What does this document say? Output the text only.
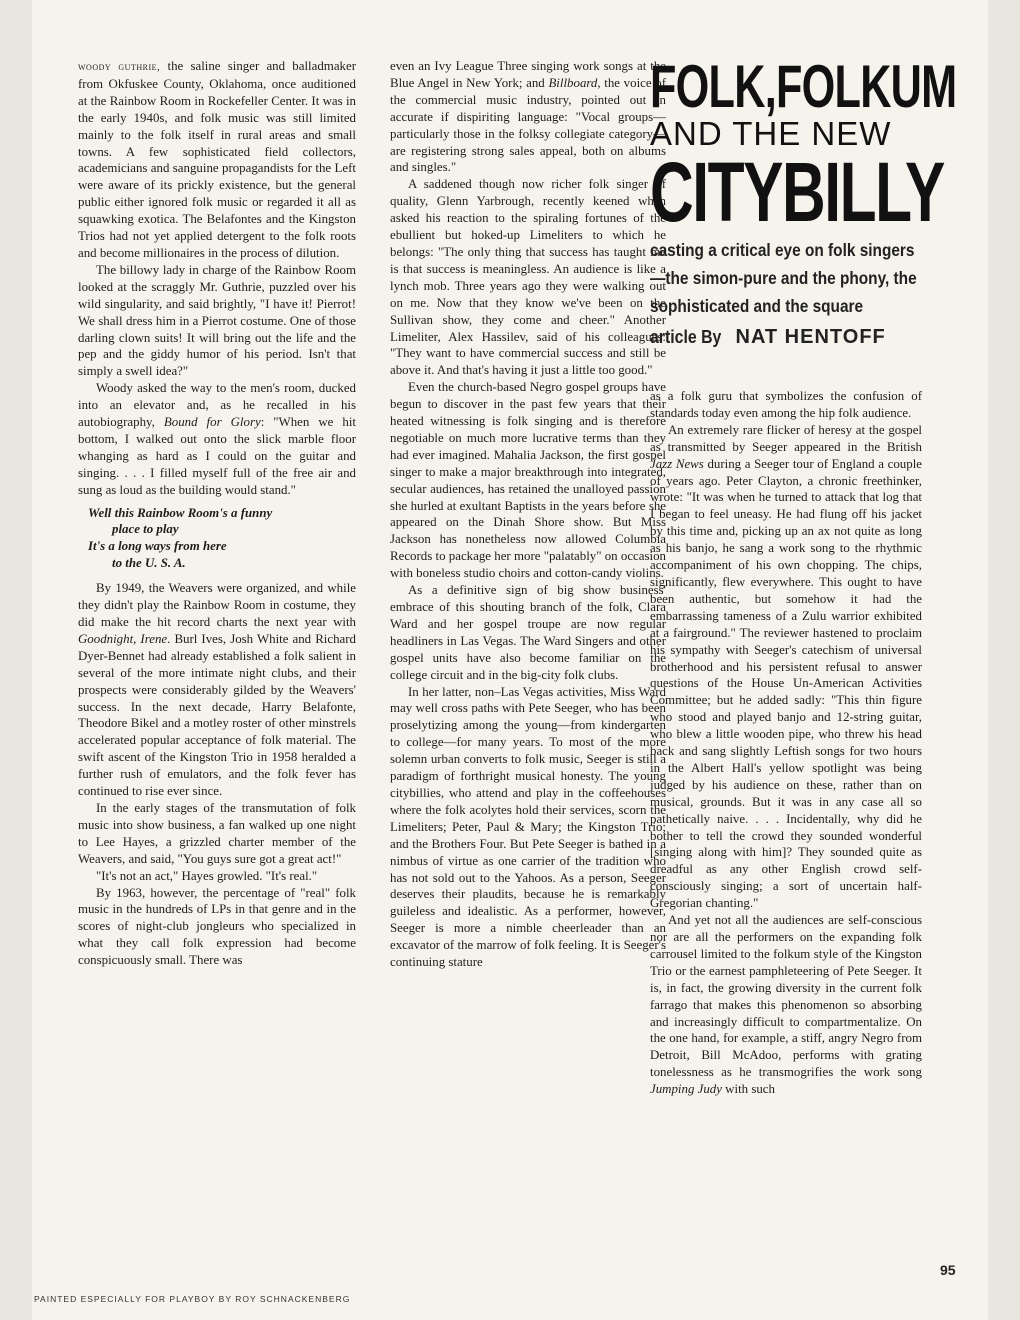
woody guthrie, the saline singer and balladmaker from Okfuskee County, Oklahoma, once auditioned at the Rainbow Room in Rockefeller Center. It was in the early 1940s, and folk music was still limited mainly to the folk itself in rural areas and small towns. A few sophisticated field collectors, academicians and sanguine propagandists for the Left were aware of its prickly existence, but the general public either ignored folk music or regarded it all as squawking exotica. The Belafontes and the Kingston Trios had not yet applied detergent to the folk roots and become millionaires in the process of dilution.

The billowy lady in charge of the Rainbow Room looked at the scraggly Mr. Guthrie, puzzled over his wild singularity, and said brightly, "I have it! Pierrot! We shall dress him in a Pierrot costume. One of those darling clown suits! It will bring out the life and the pep and the giddy humor of his period. Isn't that simply a swell idea?"

Woody asked the way to the men's room, ducked into an elevator and, as he recalled in his autobiography, Bound for Glory: "When we hit bottom, I walked out onto the slick marble floor whanging as hard as I could on the guitar and singing. . . . I filled myself full of the free air and sung as loud as the building would stand."

Well this Rainbow Room's a funny
place to play
It's a long ways from here
to the U. S. A.

By 1949, the Weavers were organized, and while they didn't play the Rainbow Room in costume, they did make the hit record charts the next year with Goodnight, Irene. Burl Ives, Josh White and Richard Dyer-Bennet had already established a folk salient in several of the more intimate night clubs, and their prospects were considerably gilded by the Weavers' success. In the next decade, Harry Belafonte, Theodore Bikel and a motley roster of other minstrels accelerated popular acceptance of folk material. The swift ascent of the Kingston Trio in 1958 heralded a further rush of emulators, and the folk fever has continued to rise ever since.

In the early stages of the transmutation of folk music into show business, a fan walked up one night to Lee Hayes, a grizzled charter member of the Weavers, and said, "You guys sure got a great act!"

"It's not an act," Hayes growled. "It's real."

By 1963, however, the percentage of "real" folk music in the hundreds of LPs in that genre and in the scores of night-club jongleurs who specialized in what they call folk expression had become conspicuously small. There was

even an Ivy League Three singing work songs at the Blue Angel in New York; and Billboard, the voice of the commercial music industry, pointed out in accurate if dispiriting language: "Vocal groups—particularly those in the folksy collegiate category—are registering strong sales appeal, both on albums and singles."

A saddened though now richer folk singer of quality, Glenn Yarbrough, recently keened when asked his reaction to the spiraling fortunes of the ebullient but hoked-up Limeliters to which he belongs: "The only thing that success has taught me is that success is meaningless. An audience is like a lynch mob. Three years ago they were walking out on me. Now that they know we've been on the Sullivan show, they come and cheer." Another Limeliter, Alex Hassilev, said of his colleagues: "They want to have commercial success and still be above it. And that's having it just a little too good."

Even the church-based Negro gospel groups have begun to discover in the past few years that their heated witnessing is folk singing and is therefore negotiable on much more lucrative terms than they had ever imagined. Mahalia Jackson, the first gospel singer to make a major breakthrough into integrated, secular audiences, has retained the unalloyed passion she hurled at exultant Baptists in the years before she appeared on the Dinah Shore show. But Miss Jackson has nonetheless now allowed Columbia Records to package her more "palatably" on occasion with boneless studio choirs and cotton-candy violins.

As a definitive sign of big show business' embrace of this shouting branch of the folk, Clara Ward and her gospel troupe are now regular headliners in Las Vegas. The Ward Singers and other gospel units have also become familiar on the college circuit and in the big-city folk clubs.

In her latter, non–Las Vegas activities, Miss Ward may well cross paths with Pete Seeger, who has been proselytizing among the young—from kindergarten to college—for many years. To most of the more solemn urban converts to folk music, Seeger is still a paradigm of forthright musical honesty. The young citybillies, who attend and play in the coffeehouses where the folk acolytes hold their services, scorn the Limeliters; Peter, Paul & Mary; the Kingston Trio; and the Brothers Four. But Pete Seeger is bathed in a nimbus of virtue as one carrier of the tradition who has not sold out to the Yahoos. As a person, Seeger deserves their plaudits, because he is remarkably guileless and idealistic. As a performer, however, Seeger is more a nimble cheerleader than an excavator of the marrow of folk feeling. It is Seeger's continuing stature

FOLK,FOLKUM
AND THE NEW
CITYBILLY
casting a critical eye on folk singers—the simon-pure and the phony, the sophisticated and the square
article By NAT HENTOFF

as a folk guru that symbolizes the confusion of standards today even among the hip folk audience.

An extremely rare flicker of heresy at the gospel as transmitted by Seeger appeared in the British Jazz News during a Seeger tour of England a couple of years ago. Peter Clayton, a chronic freethinker, wrote: "It was when he turned to attack that log that I began to feel uneasy. He had flung off his jacket by this time and, picking up an ax not quite as long as his banjo, he sang a work song to the rhythmic accompaniment of his own chopping. The chips, significantly, flew everywhere. This ought to have been authentic, but somehow it had the embarrassing tameness of a Zulu warrior exhibited at a fairground." The reviewer hastened to proclaim his sympathy with Seeger's catechism of universal brotherhood and his persistent refusal to answer questions of the House Un-American Activities Committee; but he added sadly: "This thin figure who stood and played banjo and 12-string guitar, who blew a little wooden pipe, who threw his head back and sang slightly Leftish songs for two hours in the Albert Hall's yellow spotlight was being judged by his audience on these, rather than on musical, grounds. But it was in any case all so pathetically naive. . . . Incidentally, why did he bother to tell the crowd they sounded wonderful [singing along with him]? They sounded quite as dreadful as any other English crowd self-consciously singing; a sort of uncertain half-Gregorian chanting."

And yet not all the audiences are self-conscious nor are all the performers on the expanding folk carrousel limited to the folkum style of the Kingston Trio or the earnest pamphleteering of Pete Seeger. It is, in fact, the growing diversity in the current folk farrago that makes this phenomenon so absorbing and increasingly difficult to compartmentalize. On the one hand, for example, a stiff, angry Negro from Detroit, Bill McAdoo, performs with grating tonelessness as he transmogrifies the work song Jumping Judy with such

95
PAINTED ESPECIALLY FOR PLAYBOY BY ROY SCHNACKENBERG
